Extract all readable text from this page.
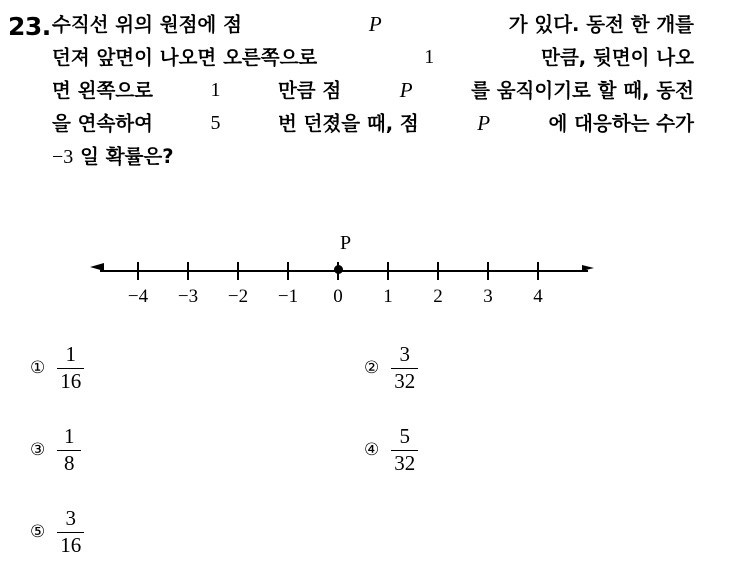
23. 수직선 위의 원점에 점	P	가 있다. 동전 한 개를
던져 앞면이 나오면 오른쪽으로	1	만큼, 뒷면이 나오
면 왼쪽으로	1	만큼 점	P	를 움직이기로 할 때, 동전
을 연속하여	5	번 던졌을 때, 점	P	에 대응하는 수가
−3 일 확률은?
P
−4 −3 −2 −1 0 1 2 3 4
① $\frac{1}{16}$	② $\frac{3}{32}$
③ $\frac{1}{8}$	④ $\frac{5}{32}$
⑤ $\frac{3}{16}$
